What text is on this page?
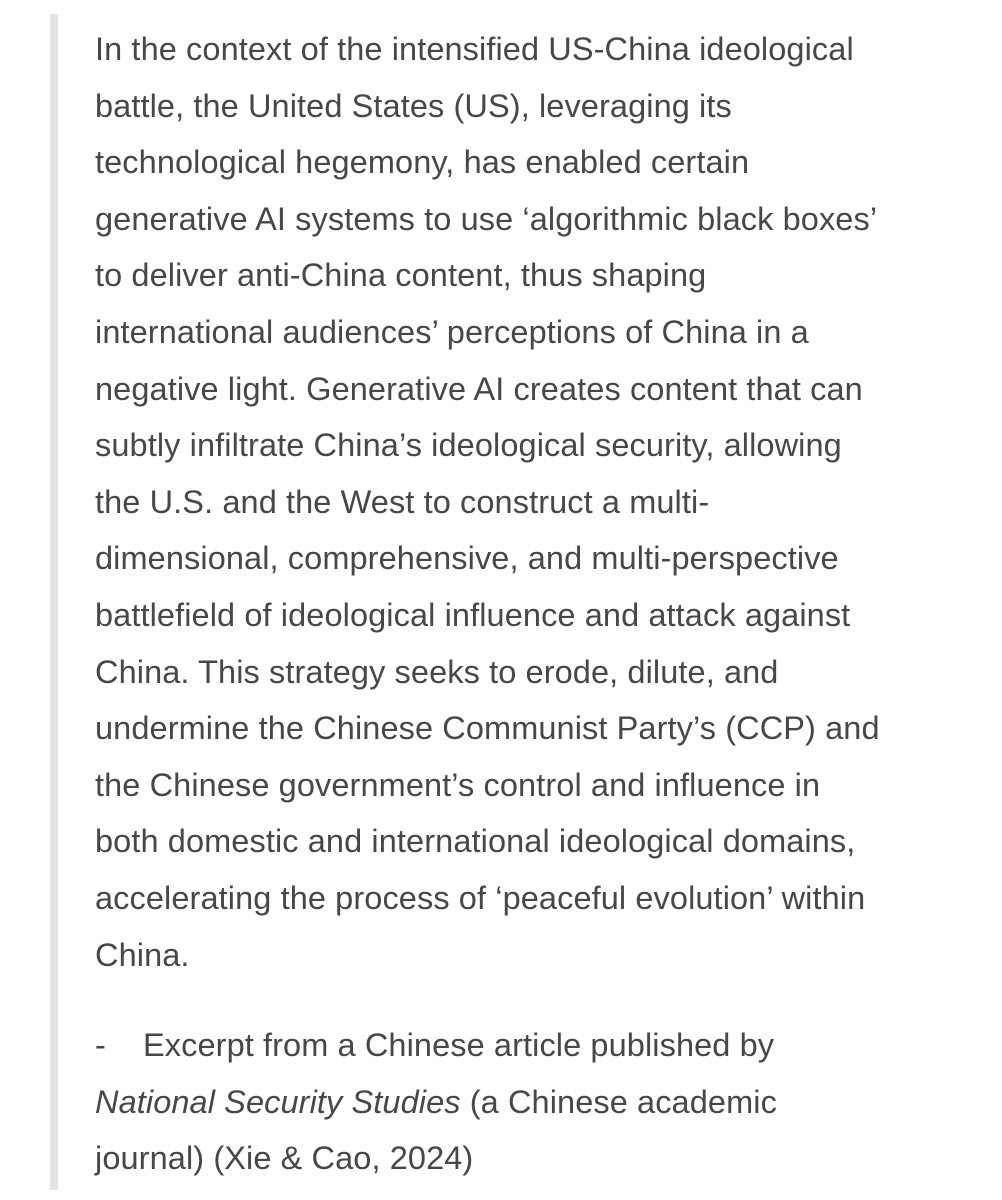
In the context of the intensified US-China ideological
battle, the United States (US), leveraging its
technological hegemony, has enabled certain
generative AI systems to use ‘algorithmic black boxes’
to deliver anti-China content, thus shaping
international audiences’ perceptions of China in a
negative light. Generative AI creates content that can
subtly infiltrate China’s ideological security, allowing
the U.S. and the West to construct a multi-
dimensional, comprehensive, and multi-perspective
battlefield of ideological influence and attack against
China. This strategy seeks to erode, dilute, and
undermine the Chinese Communist Party’s (CCP) and
the Chinese government’s control and influence in
both domestic and international ideological domains,
accelerating the process of ‘peaceful evolution’ within
China.
- Excerpt from a Chinese article published by
National Security Studies (a Chinese academic
journal) (Xie & Cao, 2024)
